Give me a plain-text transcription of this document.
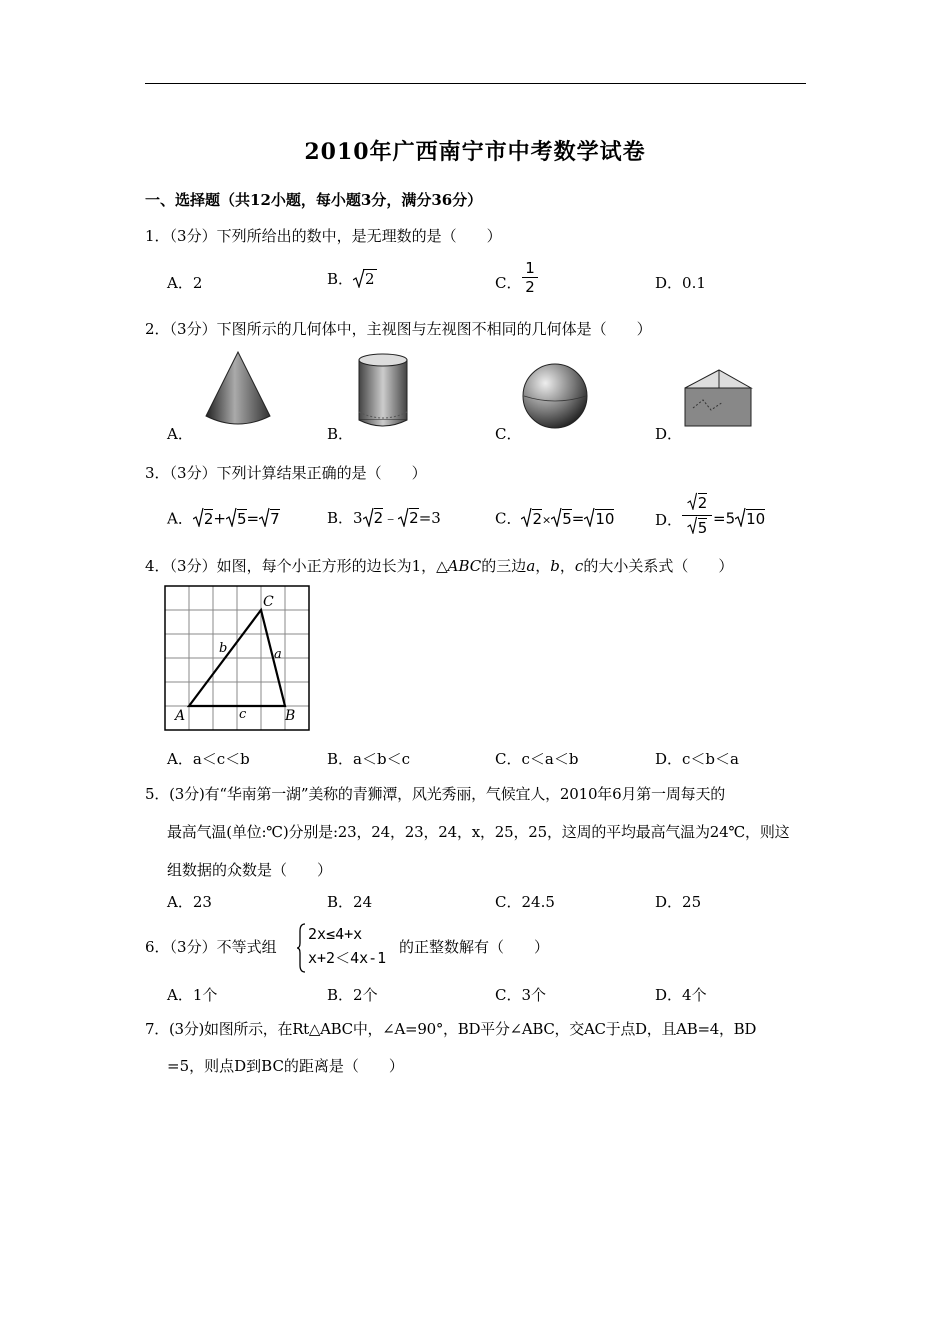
2010年广西南宁市中考数学试卷
一、选择题（共12小题，每小题3分，满分36分）
1．（3分）下列所给出的数中，是无理数的是（　　）
A．2	B． 2	C． $\frac{1}{2}$	D．0.1
2．（3分）下图所示的几何体中，主视图与左视图不相同的几何体是（　　）
A．	B．	C．	D．
3．（3分）下列计算结果正确的是（　　）
A． 2+ 5= 7	B．3 2﹣ 2=3	C． 2× 5= 10	D． $\frac{2}{5} =5$ 10
4．（3分）如图，每个小正方形的边长为1，△ABC的三边a，b，c的大小关系式（　　）
A	B
C
a
b
c
A．a＜c＜b	B．a＜b＜c	C．c＜a＜b	D．c＜b＜a
5．(3分)有“华南第一湖”美称的青狮潭，风光秀丽，气候宜人，2010年6月第一周每天的
最高气温(单位:℃)分别是:23，24，23，24，x，25，25，这周的平均最高气温为24℃，则这
组数据的众数是（　　）
A．23	B．24	C．24.5	D．25
6．（3分）不等式组
2x≤4+x
x+2＜4x-1
的正整数解有（　　）
A．1个	B．2个	C．3个	D．4个
7．(3分)如图所示，在Rt△ABC中，∠A=90°，BD平分∠ABC，交AC于点D，且AB=4，BD
=5，则点D到BC的距离是（　　）
